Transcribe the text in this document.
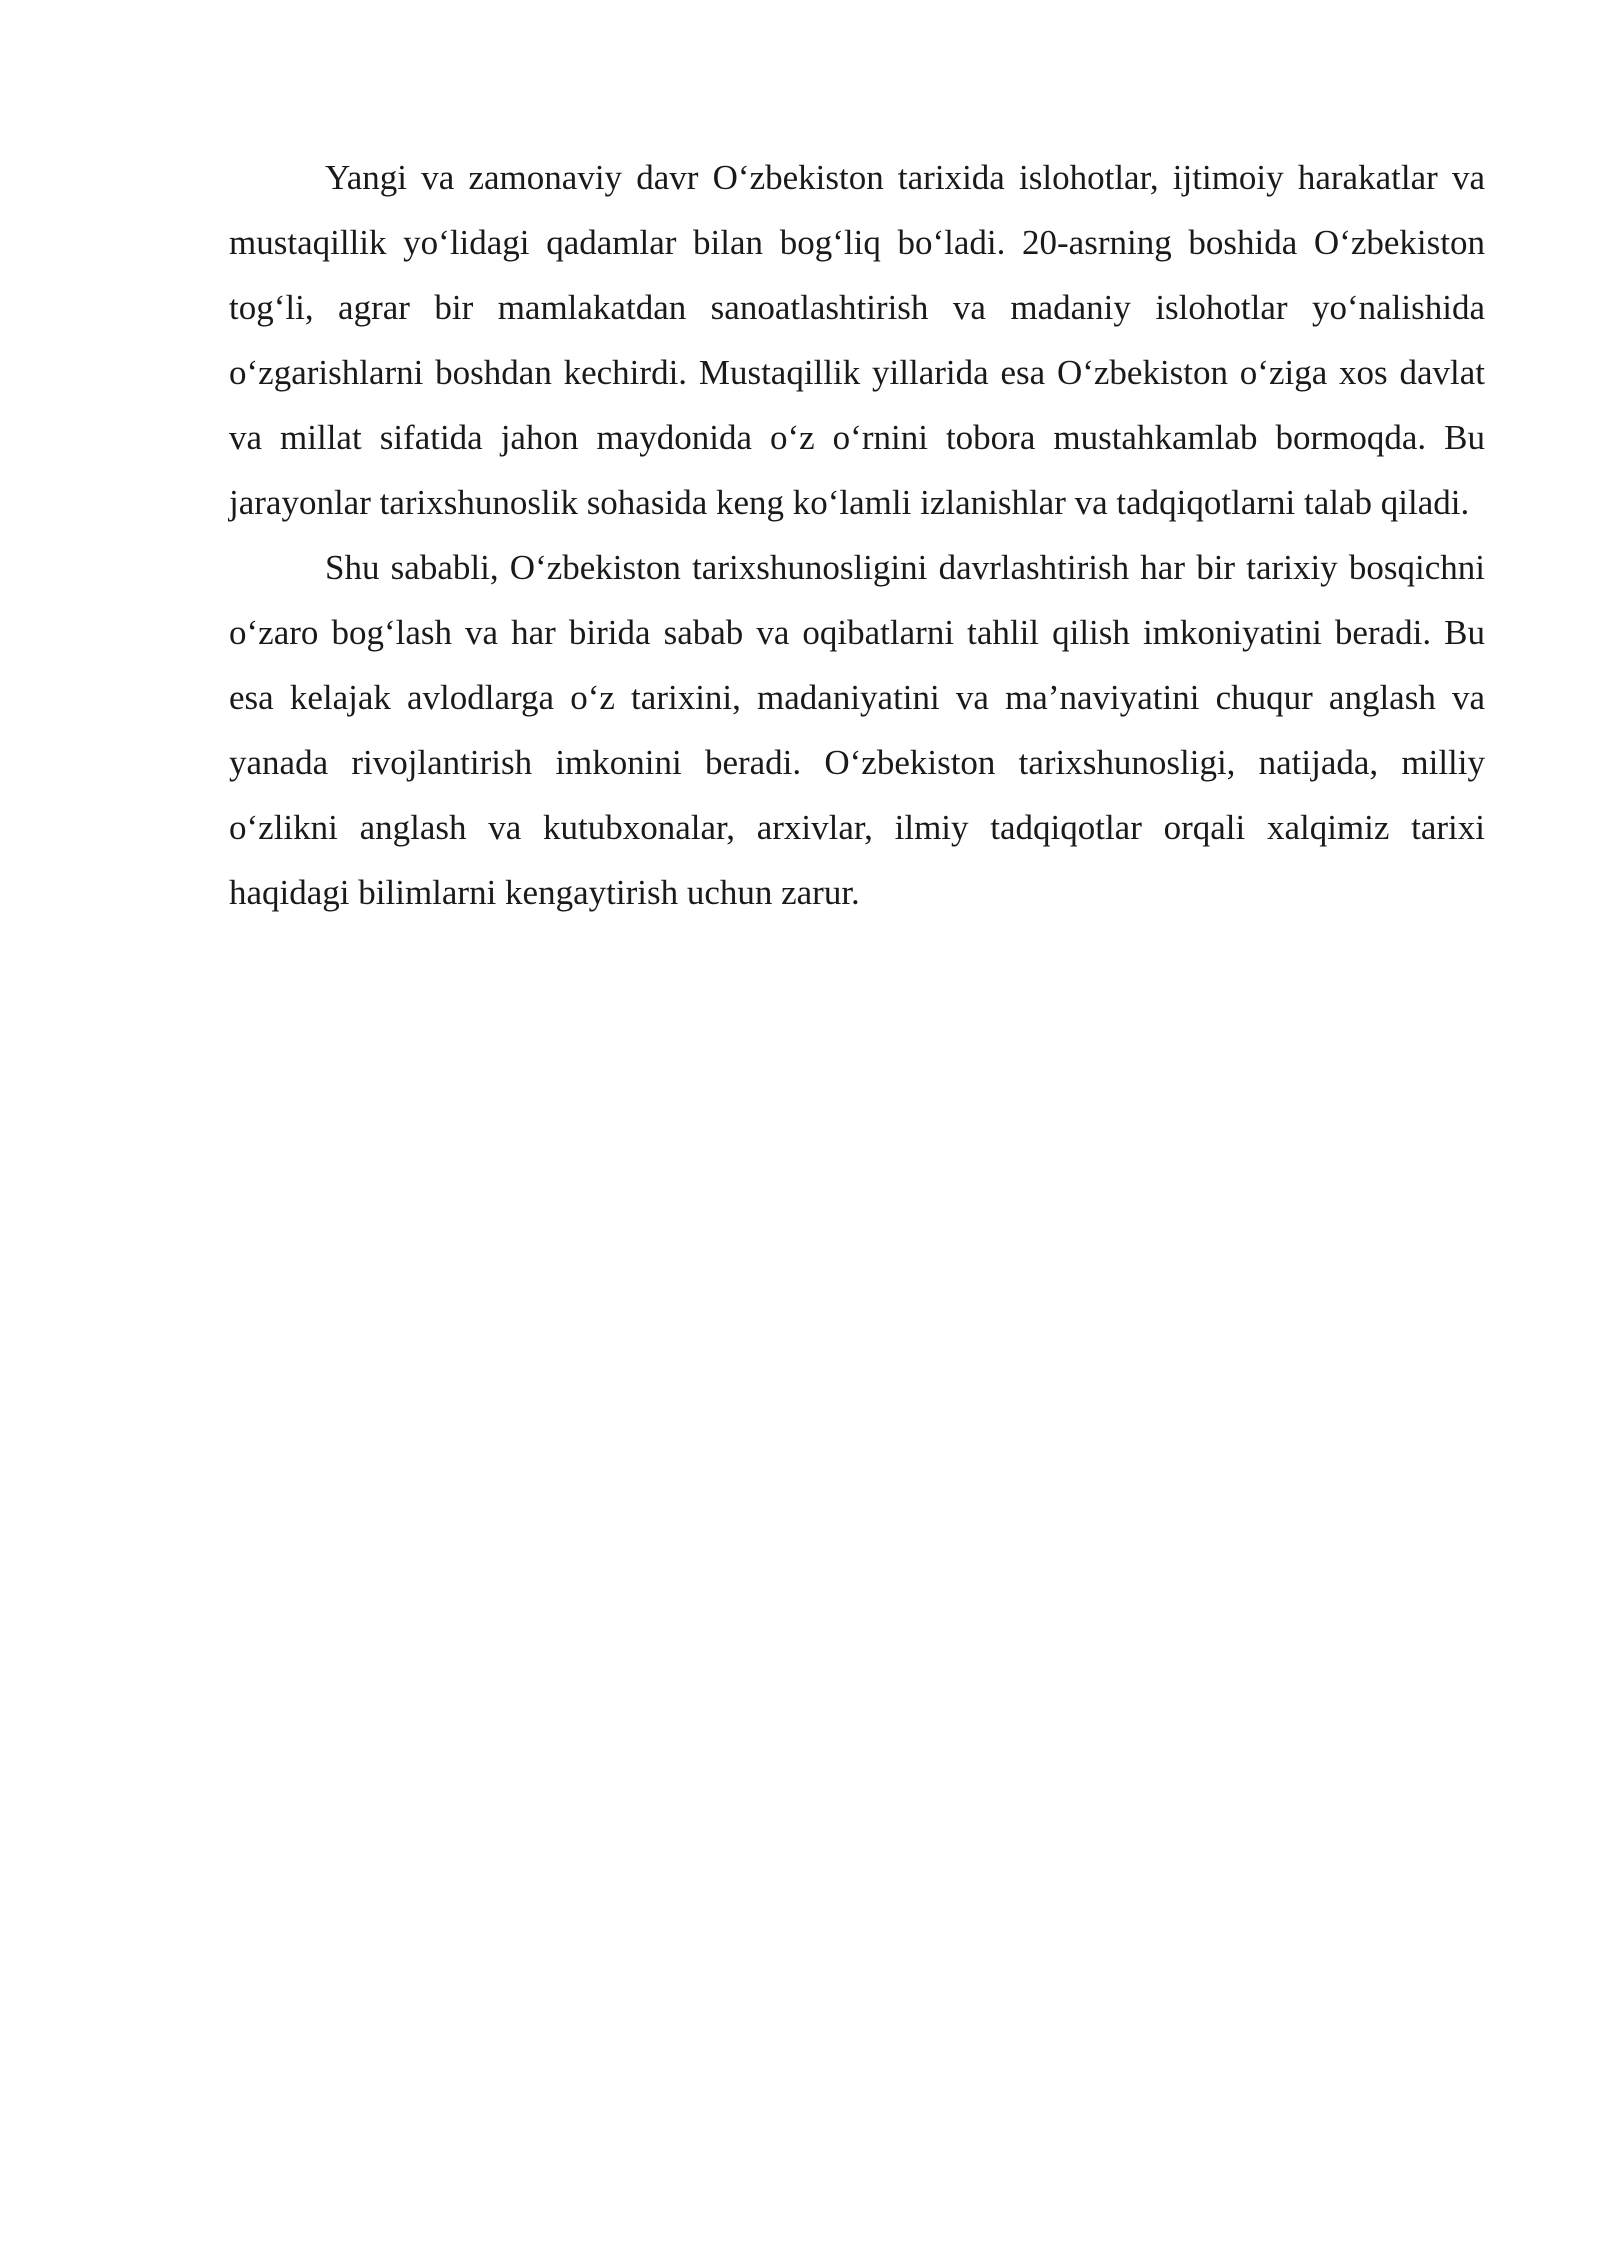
Yangi va zamonaviy davr O‘zbekiston tarixida islohotlar, ijtimoiy harakatlar va mustaqillik yo‘lidagi qadamlar bilan bog‘liq bo‘ladi. 20-asrning boshida O‘zbekiston tog‘li, agrar bir mamlakatdan sanoatlashtirish va madaniy islohotlar yo‘nalishida o‘zgarishlarni boshdan kechirdi. Mustaqillik yillarida esa O‘zbekiston o‘ziga xos davlat va millat sifatida jahon maydonida o‘z o‘rnini tobora mustahkamlab bormoqda. Bu jarayonlar tarixshunoslik sohasida keng ko‘lamli izlanishlar va tadqiqotlarni talab qiladi.

Shu sababli, O‘zbekiston tarixshunosligini davrlashtirish har bir tarixiy bosqichni o‘zaro bog‘lash va har birida sabab va oqibatlarni tahlil qilish imkoniyatini beradi. Bu esa kelajak avlodlarga o‘z tarixini, madaniyatini va ma’naviyatini chuqur anglash va yanada rivojlantirish imkonini beradi. O‘zbekiston tarixshunosligi, natijada, milliy o‘zlikni anglash va kutubxonalar, arxivlar, ilmiy tadqiqotlar orqali xalqimiz tarixi haqidagi bilimlarni kengaytirish uchun zarur.
